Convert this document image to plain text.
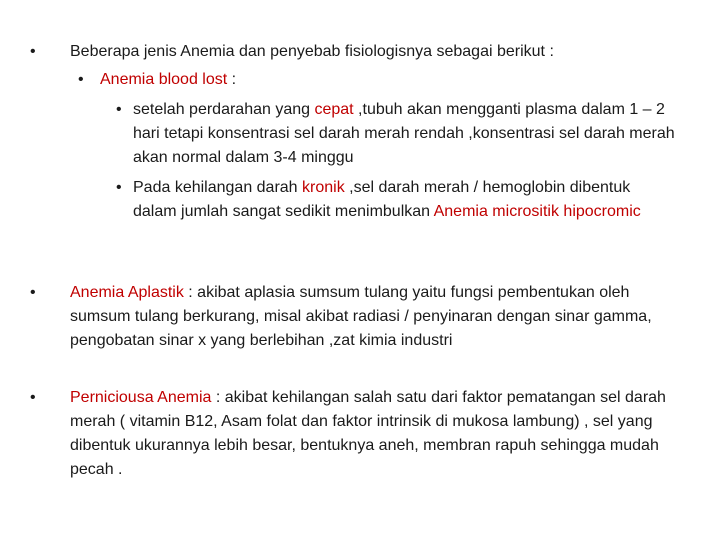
•	Beberapa jenis Anemia dan penyebab fisiologisnya sebagai berikut :
•	Anemia blood lost :
• setelah perdarahan yang cepat ,tubuh akan mengganti plasma dalam 1 – 2 hari tetapi konsentrasi sel darah merah rendah ,konsentrasi sel darah merah akan normal dalam 3-4 minggu
• Pada kehilangan darah kronik ,sel darah merah / hemoglobin dibentuk dalam jumlah sangat sedikit menimbulkan Anemia micrositik hipocromic
•	Anemia Aplastik : akibat aplasia sumsum tulang yaitu fungsi pembentukan oleh sumsum tulang berkurang, misal akibat radiasi / penyinaran dengan sinar gamma, pengobatan sinar x yang berlebihan ,zat kimia industri
•	Perniciousa Anemia : akibat kehilangan salah satu dari faktor pematangan sel darah merah ( vitamin B12, Asam folat dan faktor intrinsik di mukosa lambung) , sel yang dibentuk ukurannya lebih besar, bentuknya aneh, membran rapuh sehingga mudah pecah .
